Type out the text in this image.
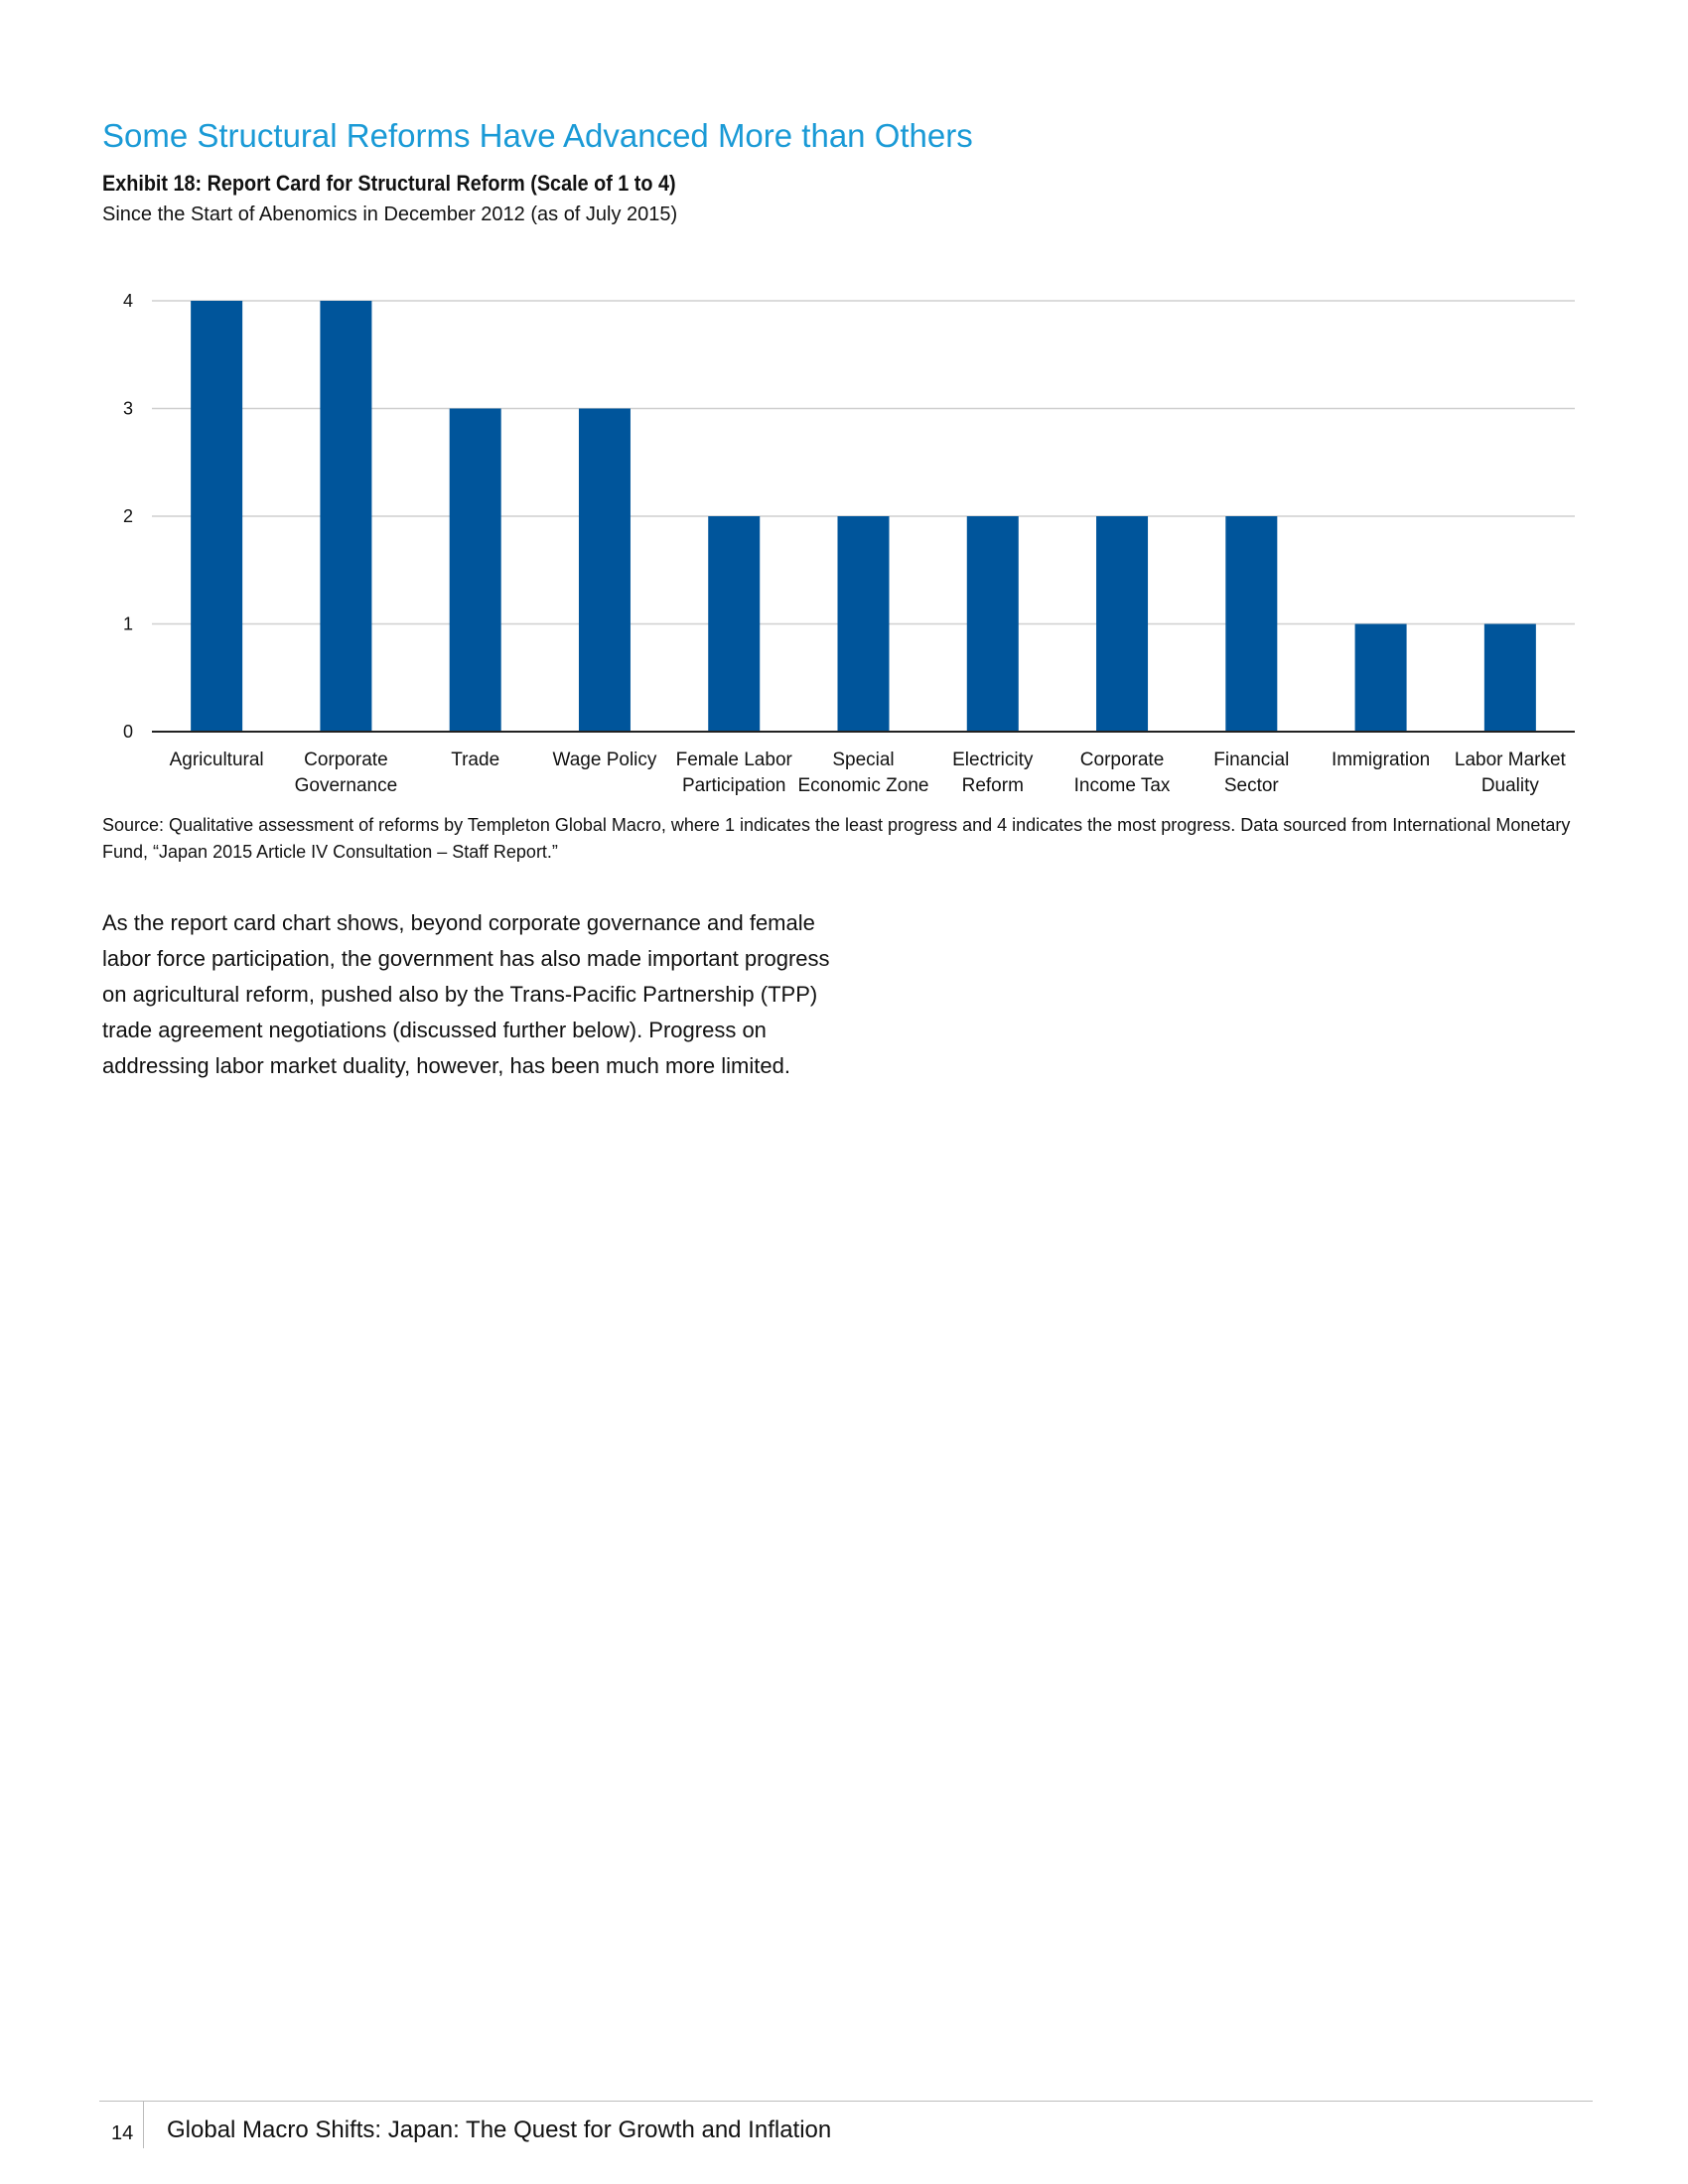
Some Structural Reforms Have Advanced More than Others
Exhibit 18: Report Card for Structural Reform (Scale of 1 to 4)

Since the Start of Abenomics in December 2012 (as of July 2015)

0
1
2
3
4
Agricultural	Corporate Governance
Trade	Wage Policy Female Labor Participation
Special Economic Zone
Electricity Reform
Corporate Income Tax
Financial Sector
Immigration Labor Market Duality

Source: Qualitative assessment of reforms by Templeton Global Macro, where 1 indicates the least progress and 4 indicates the most progress. Data sourced from International Monetary Fund, “Japan 2015 Article IV Consultation – Staff Report.”

As the report card chart shows, beyond corporate governance and female labor force participation, the government has also made important progress on agricultural reform, pushed also by the Trans-Pacific Partnership (TPP) trade agreement negotiations (discussed further below). Progress on addressing labor market duality, however, has been much more limited.

14 Global Macro Shifts: Japan: The Quest for Growth and Inflation
